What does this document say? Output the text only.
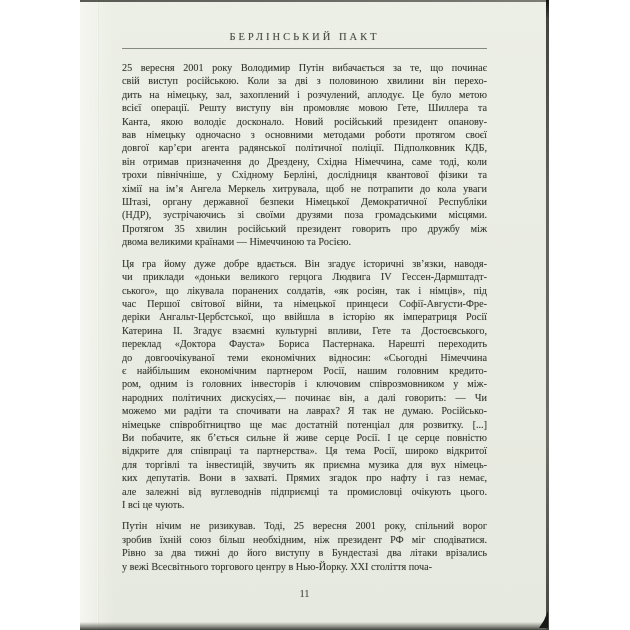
БЕРЛІНСЬКИЙ ПАКТ
25 вересня 2001 року Володимир Путін вибачається за те, що починає
свій виступ російською. Коли за дві з половиною хвилини він перехо-
дить на німецьку, зал, захоплений і розчулений, аплодує. Це було метою
всієї операції. Решту виступу він промовляє мовою Гете, Шиллера та
Канта, якою володіє досконало. Новий російський президент опанову-
вав німецьку одночасно з основними методами роботи протягом своєї
довгої кар’єри агента радянської політичної поліції. Підполковник КДБ,
він отримав призначення до Дрездену, Східна Німеччина, саме тоді, коли
трохи північніше, у Східному Берліні, дослідниця квантової фізики та
хімії на ім’я Ангела Меркель хитрувала, щоб не потрапити до кола уваги
Штазі, органу державної безпеки Німецької Демократичної Республіки
(НДР), зустрічаючись зі своїми друзями поза громадськими місцями.
Протягом 35 хвилин російський президент говорить про дружбу між
двома великими країнами — Німеччиною та Росією.
Ця гра йому дуже добре вдається. Він згадує історичні зв’язки, наводя-
чи приклади «доньки великого герцога Людвига IV Гессен-Дармштадт-
ського», що лікувала поранених солдатів, «як росіян, так і німців», під
час Першої світової війни, та німецької принцеси Софії-Августи-Фре-
деріки Ангальт-Цербстської, що ввійшла в історію як імператриця Росії
Катерина II. Згадує взаємні культурні впливи, Гете та Достоєвського,
переклад «Доктора Фауста» Бориса Пастернака. Нарешті переходить
до довгоочікуваної теми економічних відносин: «Сьогодні Німеччина
є найбільшим економічним партнером Росії, нашим головним кредито-
ром, одним із головних інвесторів і ключовим співрозмовником у між-
народних політичних дискусіях,— починає він, а далі говорить: — Чи
можемо ми радіти та спочивати на лаврах? Я так не думаю. Російсько-
німецьке співробітництво ще має достатній потенціал для розвитку. [...]
Ви побачите, як б’ється сильне й живе серце Росії. І це серце повністю
відкрите для співпраці та партнерства». Ця тема Росії, широко відкритої
для торгівлі та інвестицій, звучить як приємна музика для вух німець-
ких депутатів. Вони в захваті. Прямих згадок про нафту і газ немає,
але залежні від вуглеводнів підприємці та промисловці очікують цього.
І всі це чують.
Путін нічим не ризикував. Тоді, 25 вересня 2001 року, спільний ворог
зробив їхній союз більш необхідним, ніж президент РФ міг сподіватися.
Рівно за два тижні до його виступу в Бундестазі два літаки врізались
у вежі Всесвітнього торгового центру в Нью-Йорку. XXI століття поча-
11
